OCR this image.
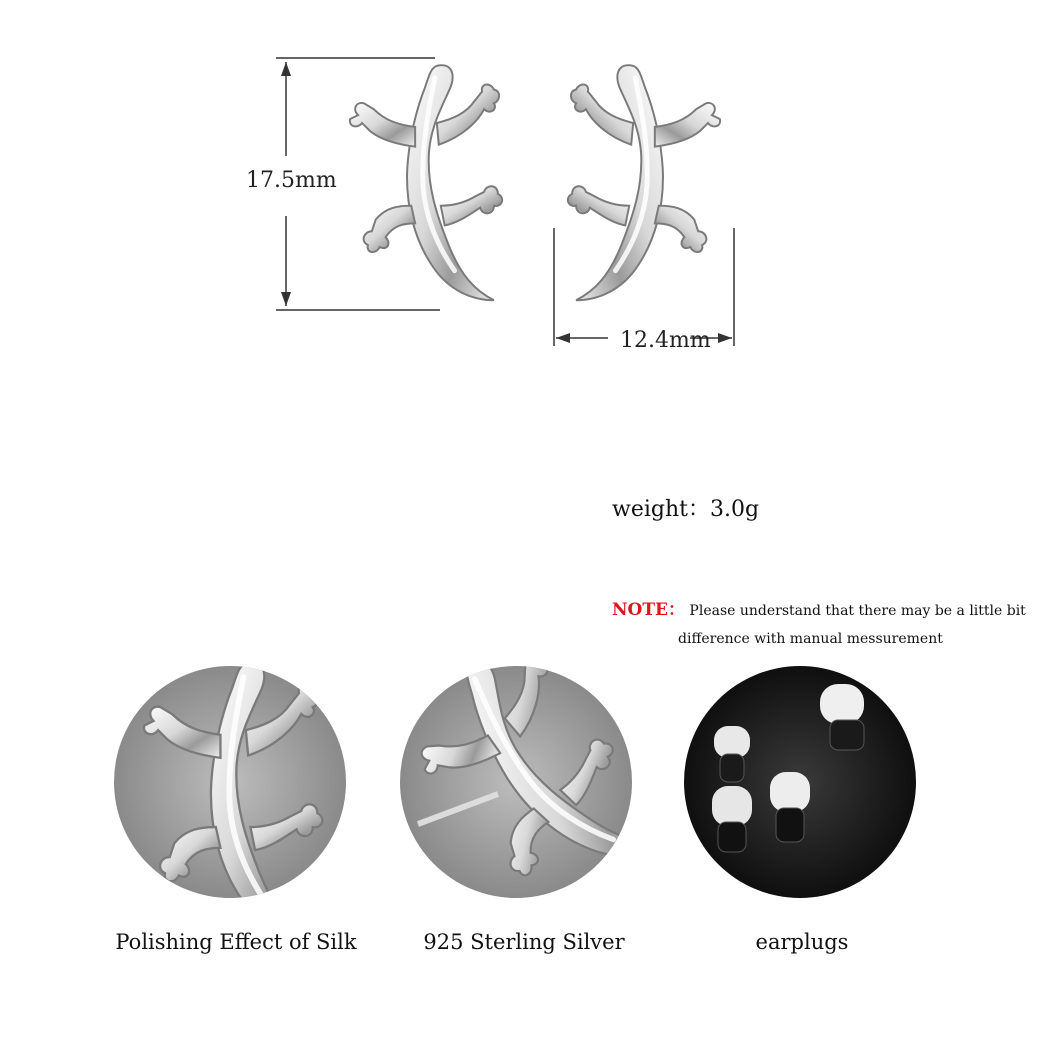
17.5mm
12.4mm
weight：3.0g
NOTE： Please understand that there may be a little bit
difference with manual messurement
Polishing Effect of Silk	925 Sterling Silver	earplugs
